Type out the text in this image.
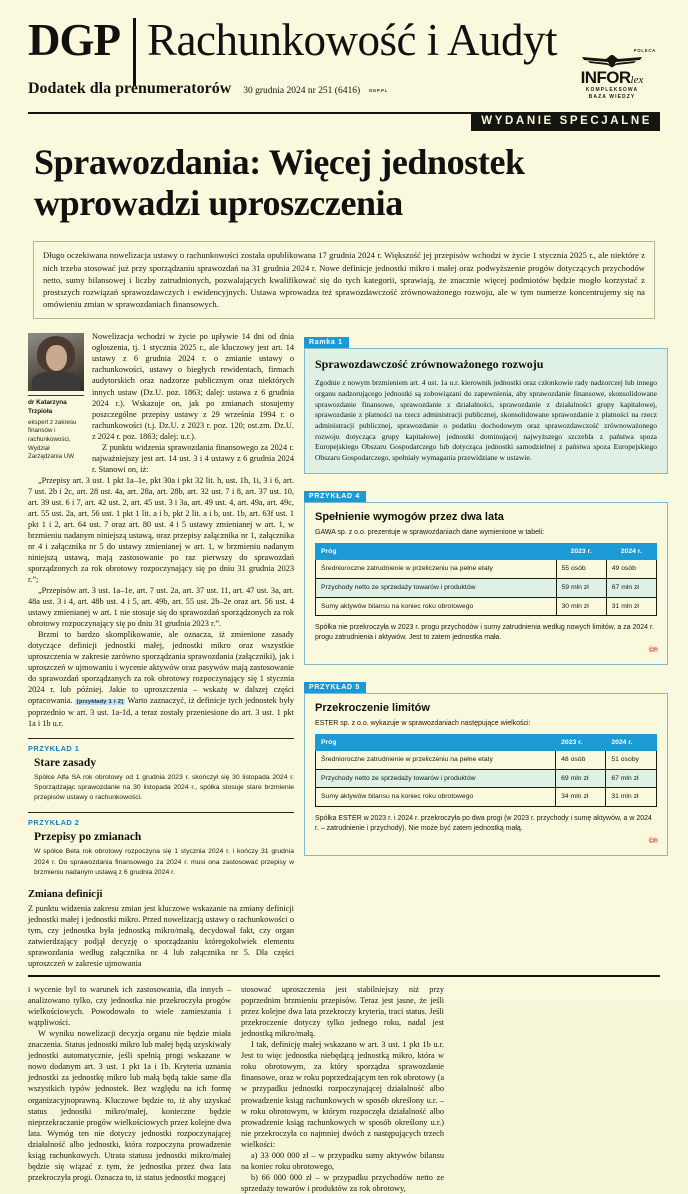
DGP Rachunkowość i Audyt
Dodatek dla prenumeratorów 30 grudnia 2024 nr 251 (6416) DGP.PL
POLECA
INFORlex
KOMPLEKSOWA
BAZA WIEDZY
WYDANIE SPECJALNE
Sprawozdania: Więcej jednostek wprowadzi uproszczenia
Długo oczekiwana nowelizacja ustawy o rachunkowości została opublikowana 17 grudnia 2024 r. Większość jej przepisów wchodzi w życie 1 stycznia 2025 r., ale niektóre z nich trzeba stosować już przy sporządzaniu sprawozdań na 31 grudnia 2024 r. Nowe definicje jednostki mikro i małej oraz podwyższenie progów dotyczących przychodów netto, sumy bilansowej i liczby zatrudnionych, pozwalających kwalifikować się do tych kategorii, sprawiają, że znacznie więcej podmiotów będzie mogło korzystać z prostszych rozwiązań sprawozdawczych i ewidencyjnych. Ustawa wprowadza też sprawozdawczość zrównoważonego rozwoju, ale w tym numerze koncentrujemy się na omówieniu zmian w sprawozdaniach finansowych.
dr Katarzyna Trzpioła
ekspert z zakresu finansów i rachunkowości, Wydział Zarządzania UW

Nowelizacja wchodzi w życie po upływie 14 dni od dnia ogłoszenia, tj. 1 stycznia 2025 r., ale kluczowy jest art. 14 ustawy z 6 grudnia 2024 r. o zmianie ustawy o rachunkowości, ustawy o biegłych rewidentach, firmach audytorskich oraz nadzorze publicznym oraz niektórych innych ustaw (Dz.U. poz. 1863; dalej: ustawa z 6 grudnia 2024 r.). Wskazuje on, jak po zmianach stosujemy poszczególne przepisy ustawy z 29 września 1994 r. o rachunkowości (t.j. Dz.U. z 2023 r. poz. 120; ost.zm. Dz.U. z 2024 r. poz. 1863; dalej: u.r.).

Z punktu widzenia sprawozdania finansowego za 2024 r. najważniejszy jest art. 14 ust. 3 i 4 ustawy z 6 grudnia 2024 r. Stanowi on, iż:

„Przepisy art. 3 ust. 1 pkt 1a–1e, pkt 30a i pkt 32 lit. h, ust. 1h, 1i, 3 i 6, art. 7 ust. 2b i 2c, art. 28 ust. 4a, art. 28a, art. 28b, art. 32 ust. 7 i 8, art. 37 ust. 10, art. 39 ust. 6 i 7, art. 42 ust. 2, art. 45 ust. 3 i 3a, art. 49 ust. 4, art. 49a, art. 49c, art. 55 ust. 2a, art. 56 ust. 1 pkt 1 lit. a i b, pkt 2 lit. a i b, ust. 1b, art. 63f ust. 1 pkt 1 i 2, art. 64 ust. 7 oraz art. 80 ust. 4 i 5 ustawy zmienianej w art. 1, w brzmieniu nadanym niniejszą ustawą, oraz przepisy załącznika nr 1, załącznika nr 4 i załącznika nr 5 do ustawy zmienianej w art. 1, w brzmieniu nadanym niniejszą ustawą, mają zastosowanie po raz pierwszy do sprawozdań sporządzonych za rok obrotowy rozpoczynający się po dniu 31 grudnia 2023 r.”;

„Przepisów art. 3 ust. 1a–1e, art. 7 ust. 2a, art. 37 ust. 11, art. 47 ust. 3a, art. 48a ust. 3 i 4, art. 48b ust. 4 i 5, art. 49b, art. 55 ust. 2b–2e oraz art. 56 ust. 4 ustawy zmienianej w art. 1 nie stosuje się do sprawozdań sporządzonych za rok obrotowy rozpoczynający się po dniu 31 grudnia 2023 r.”.

Brzmi to bardzo skomplikowanie, ale oznacza, iż zmienione zasady dotyczące definicji jednostki małej, jednostki mikro oraz wszystkie uproszczenia w zakresie zarówno sporządzania sprawozdania (załączniki), jak i uproszczeń w ujmowaniu i wycenie aktywów oraz pasywów mają zastosowanie do sprawozdań sporządzanych za rok obrotowy rozpoczynający się 1 stycznia 2024 r. lub później. Jakie to uproszczenia – wskażę w dalszej części opracowania. [przykłady 1 i 2] Warto zaznaczyć, iż definicje tych jednostek były poprzednio w art. 3 ust. 1a-1d, a teraz zostały przeniesione do art. 3 ust. 1 pkt 1a i 1b u.r.

PRZYKŁAD 1
Stare zasady
Spółce Alfa SA rok obrotowy od 1 grudnia 2023 r. skończył się 30 listopada 2024 r. Sporządzając sprawozdanie na 30 listopada 2024 r., spółka stosuje stare brzmienie przepisów ustawy o rachunkowości.
PRZYKŁAD 2
Przepisy po zmianach
W spółce Beta rok obrotowy rozpoczyna się 1 stycznia 2024 r. i kończy 31 grudnia 2024 r. Do sprawozdania finansowego za 2024 r. musi ona zastosować przepisy w brzmieniu nadanym ustawą z 6 grudnia 2024 r.
Zmiana definicji

Z punktu widzenia zakresu zmian jest kluczowe wskazanie na zmiany definicji jednostki małej i jednostki mikro. Przed nowelizacją ustawy o rachunkowości o tym, czy jednostka była jednostką mikro/małą, decydował fakt, czy organ zatwierdzający podjął decyzję o sporządzaniu któregokolwiek elementu sprawozdania według załącznika nr 4 lub załącznika nr 5. Dla części uproszczeń w zakresie ujmowania

Ramka 1
Sprawozdawczość zrównoważonego rozwoju
Zgodnie z nowym brzmieniem art. 4 ust. 1a u.r. kierownik jednostki oraz członkowie rady nadzorczej lub innego organu nadzorującego jednostki są zobowiązani do zapewnienia, aby sprawozdanie finansowe, skonsolidowane sprawozdanie finansowe, sprawozdanie z działalności, sprawozdanie z działalności grupy kapitałowej, sprawozdanie z płatności na rzecz administracji publicznej, skonsolidowane sprawozdanie z płatności na rzecz administracji publicznej, sprawozdanie o podatku dochodowym oraz sprawozdawczość zrównoważonego rozwoju dotycząca grupy kapitałowej jednostki dominującej najwyższego szczebla z państwa spoza Europejskiego Obszaru Gospodarczego lub dotycząca jednostki samodzielnej z państwa spoza Europejskiego Obszaru Gospodarczego, spełniały wymagania przewidziane w ustawie.
PRZYKŁAD 4
Spełnienie wymogów przez dwa lata
GAWA sp. z o.o. prezentuje w sprawozdaniach dane wymienione w tabeli:
Próg	2023 r.	2024 r.
Średnioroczne zatrudnienie w przeliczeniu na pełne etaty	55 osób	49 osób
Przychody netto ze sprzedaży towarów i produktów	59 mln zł	67 mln zł
Sumy aktywów bilansu na koniec roku obrotowego	30 mln zł	31 mln zł
Spółka nie przekroczyła w 2023 r. progu przychodów i sumy zatrudnienia według nowych limitów, a za 2024 r. progu zatrudnienia i aktywów. Jest to zatem jednostka mała.
©℗
PRZYKŁAD 5
Przekroczenie limitów
ESTER sp. z o.o. wykazuje w sprawozdaniach następujące wielkości:
Próg	2023 r.	2024 r.
Średnioroczne zatrudnienie w przeliczeniu na pełne etaty	48 osób	51 osoby
Przychody netto ze sprzedaży towarów i produktów	69 mln zł	67 mln zł
Sumy aktywów bilansu na koniec roku obrotowego	34 mln zł	31 mln zł
Spółka ESTER w 2023 r. i 2024 r. przekroczyła po dwa progi (w 2023 r. przychody i sumę aktywów, a w 2024 r. – zatrudnienie i przychody). Nie może być zatem jednostką małą.
©℗

i wycenie byl to warunek ich zastosowania, dla innych – analizowano tylko, czy jednostka nie przekroczyła progów wielkościowych. Powodowało to wiele zamieszania i wątpliwości.

W wyniku nowelizacji decyzja organu nie będzie miała znaczenia. Status jednostki mikro lub małej będą uzyskiwały jednostki automatycznie, jeśli spełnią progi wskazane w nowo dodanym art. 3 ust. 1 pkt 1a i 1b. Kryteria uznania jednostki za jednostkę mikro lub małą będą takie same dla wszystkich typów jednostek. Bez względu na ich formę organizacyjnoprawną. Kluczowe będzie to, iż aby uzyskać status jednostki mikro/małej, konieczne będzie nieprzekraczanie progów wielkościowych przez kolejne dwa lata. Wymóg ten nie dotyczy jednostki rozpoczynającej działalność albo jednostki, która rozpoczyna prowadzenie ksiąg rachunkowych. Utrata statusu jednostki mikro/małej będzie się wiązać z tym, że jednostka przez dwa lata przekroczyła progi. Oznacza to, iż status jednostki mogącej

stosować uproszczenia jest stabilniejszy niż przy poprzednim brzmieniu przepisów. Teraz jest jasne, że jeśli przez kolejne dwa lata przekroczy kryteria, traci status. Jeśli przekroczenie dotyczy tylko jednego roku, nadal jest jednostką mikro/małą.

I tak, definicję małej wskazano w art. 3 ust. 1 pkt 1b u.r. Jest to więc jednostka niebędącą jednostką mikro, która w roku obrotowym, za który sporządza sprawozdanie finansowe, oraz w roku poprzedzającym ten rok obrotowy (a w przypadku jednostki rozpoczynającej działalność albo prowadzenie ksiąg rachunkowych w sposób określony u.r. – w roku obrotowym, w którym rozpoczęła działalność albo prowadzenie ksiąg rachunkowych w sposób określony u.r.) nie przekroczyła co najmniej dwóch z następujących trzech wielkości:

a) 33 000 000 zł – w przypadku sumy aktywów bilansu na koniec roku obrotowego,

b) 66 000 000 zł – w przypadku przychodów netto ze sprzedaży towarów i produktów za rok obrotowy,
